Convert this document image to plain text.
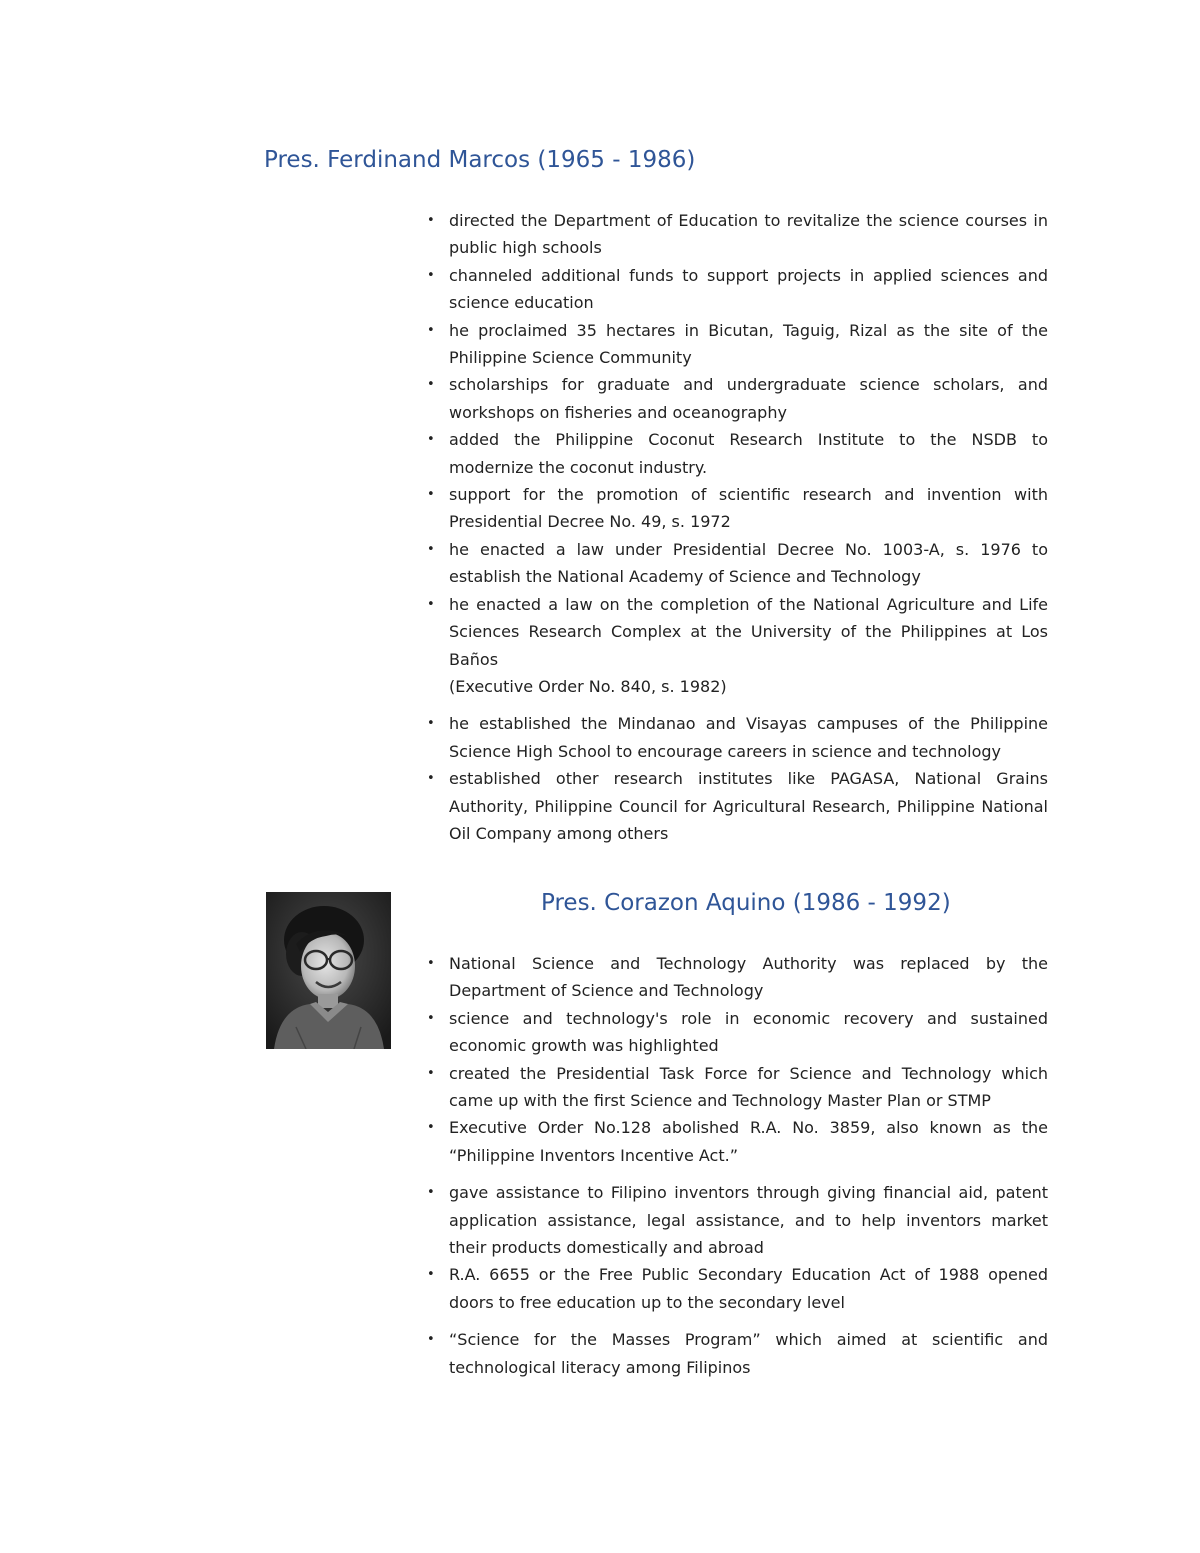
Pres. Ferdinand Marcos (1965 - 1986)
• directed the Department of Education to revitalize the science courses in public high schools
• channeled additional funds to support projects in applied sciences and science education
• he proclaimed 35 hectares in Bicutan, Taguig, Rizal as the site of the Philippine Science Community
• scholarships for graduate and undergraduate science scholars, and workshops on fisheries and oceanography
• added the Philippine Coconut Research Institute to the NSDB to modernize the coconut industry.
• support for the promotion of scientific research and invention with Presidential Decree No. 49, s. 1972
• he enacted a law under Presidential Decree No. 1003-A, s. 1976 to establish the National Academy of Science and Technology
• he enacted a law on the completion of the National Agriculture and Life Sciences Research Complex at the University of the Philippines at Los Baños
(Executive Order No. 840, s. 1982)
• he established the Mindanao and Visayas campuses of the Philippine Science High School to encourage careers in science and technology
• established other research institutes like PAGASA, National Grains Authority, Philippine Council for Agricultural Research, Philippine National Oil Company among others
Pres. Corazon Aquino (1986 - 1992)
• National Science and Technology Authority was replaced by the Department of Science and Technology
• science and technology's role in economic recovery and sustained economic growth was highlighted
• created the Presidential Task Force for Science and Technology which came up with the first Science and Technology Master Plan or STMP
• Executive Order No.128 abolished R.A. No. 3859, also known as the “Philippine Inventors Incentive Act.”
• gave assistance to Filipino inventors through giving financial aid, patent application assistance, legal assistance, and to help inventors market their products domestically and abroad
• R.A. 6655 or the Free Public Secondary Education Act of 1988 opened doors to free education up to the secondary level
• “Science for the Masses Program” which aimed at scientific and technological literacy among Filipinos
